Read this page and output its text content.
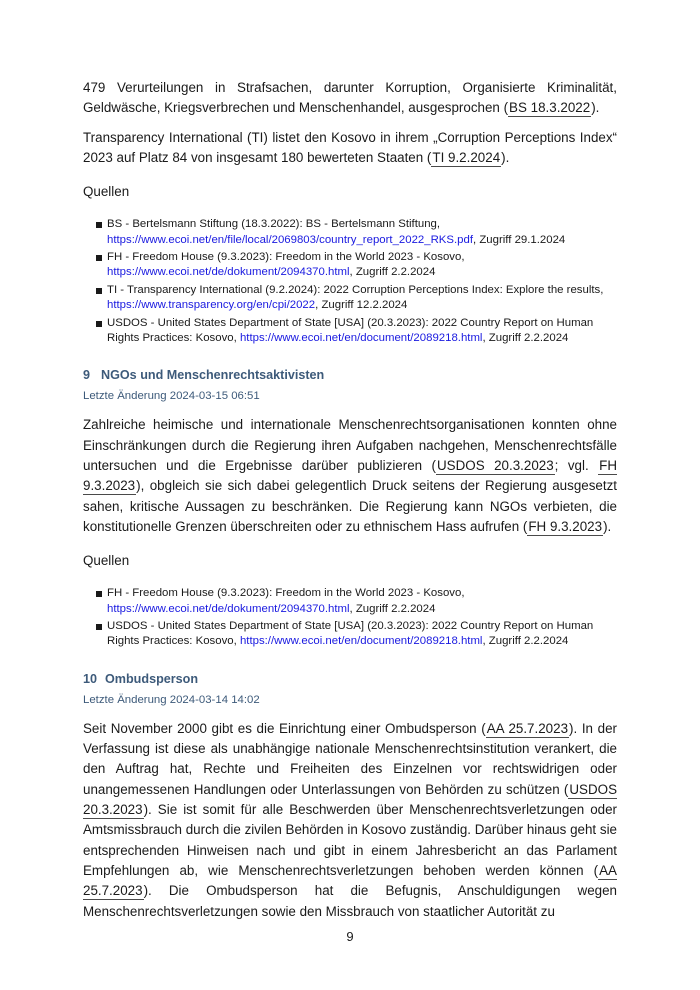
479 Verurteilungen in Strafsachen, darunter Korruption, Organisierte Kriminalität, Geldwäsche, Kriegsverbrechen und Menschenhandel, ausgesprochen (BS 18.3.2022).

Transparency International (TI) listet den Kosovo in ihrem „Corruption Perceptions Index“ 2023 auf Platz 84 von insgesamt 180 bewerteten Staaten (TI 9.2.2024).

Quellen

BS - Bertelsmann Stiftung (18.3.2022): BS - Bertelsmann Stiftung, https://www.ecoi.net/en/file/local/2069803/country_report_2022_RKS.pdf, Zugriff 29.1.2024
FH - Freedom House (9.3.2023): Freedom in the World 2023 - Kosovo, https://www.ecoi.net/de/dokument/2094370.html, Zugriff 2.2.2024
TI - Transparency International (9.2.2024): 2022 Corruption Perceptions Index: Explore the results, https://www.transparency.org/en/cpi/2022, Zugriff 12.2.2024
USDOS - United States Department of State [USA] (20.3.2023): 2022 Country Report on Human Rights Practices: Kosovo, https://www.ecoi.net/en/document/2089218.html, Zugriff 2.2.2024
9 NGOs und Menschenrechtsaktivisten
Letzte Änderung 2024-03-15 06:51

Zahlreiche heimische und internationale Menschenrechtsorganisationen konnten ohne Einschränkungen durch die Regierung ihren Aufgaben nachgehen, Menschenrechtsfälle untersuchen und die Ergebnisse darüber publizieren (USDOS 20.3.2023; vgl. FH 9.3.2023), obgleich sie sich dabei gelegentlich Druck seitens der Regierung ausgesetzt sahen, kritische Aussagen zu beschränken. Die Regierung kann NGOs verbieten, die konstitutionelle Grenzen überschreiten oder zu ethnischem Hass aufrufen (FH 9.3.2023).

Quellen

FH - Freedom House (9.3.2023): Freedom in the World 2023 - Kosovo, https://www.ecoi.net/de/dokument/2094370.html, Zugriff 2.2.2024
USDOS - United States Department of State [USA] (20.3.2023): 2022 Country Report on Human Rights Practices: Kosovo, https://www.ecoi.net/en/document/2089218.html, Zugriff 2.2.2024
10 Ombudsperson
Letzte Änderung 2024-03-14 14:02

Seit November 2000 gibt es die Einrichtung einer Ombudsperson (AA 25.7.2023). In der Verfassung ist diese als unabhängige nationale Menschenrechtsinstitution verankert, die den Auftrag hat, Rechte und Freiheiten des Einzelnen vor rechtswidrigen oder unangemessenen Handlungen oder Unterlassungen von Behörden zu schützen (USDOS 20.3.2023). Sie ist somit für alle Beschwerden über Menschenrechtsverletzungen oder Amtsmissbrauch durch die zivilen Behörden in Kosovo zuständig. Darüber hinaus geht sie entsprechenden Hinweisen nach und gibt in einem Jahresbericht an das Parlament Empfehlungen ab, wie Menschenrechtsverletzungen behoben werden können (AA 25.7.2023). Die Ombudsperson hat die Befugnis, Anschuldigungen wegen Menschenrechtsverletzungen sowie den Missbrauch von staatlicher Autorität zu

9
